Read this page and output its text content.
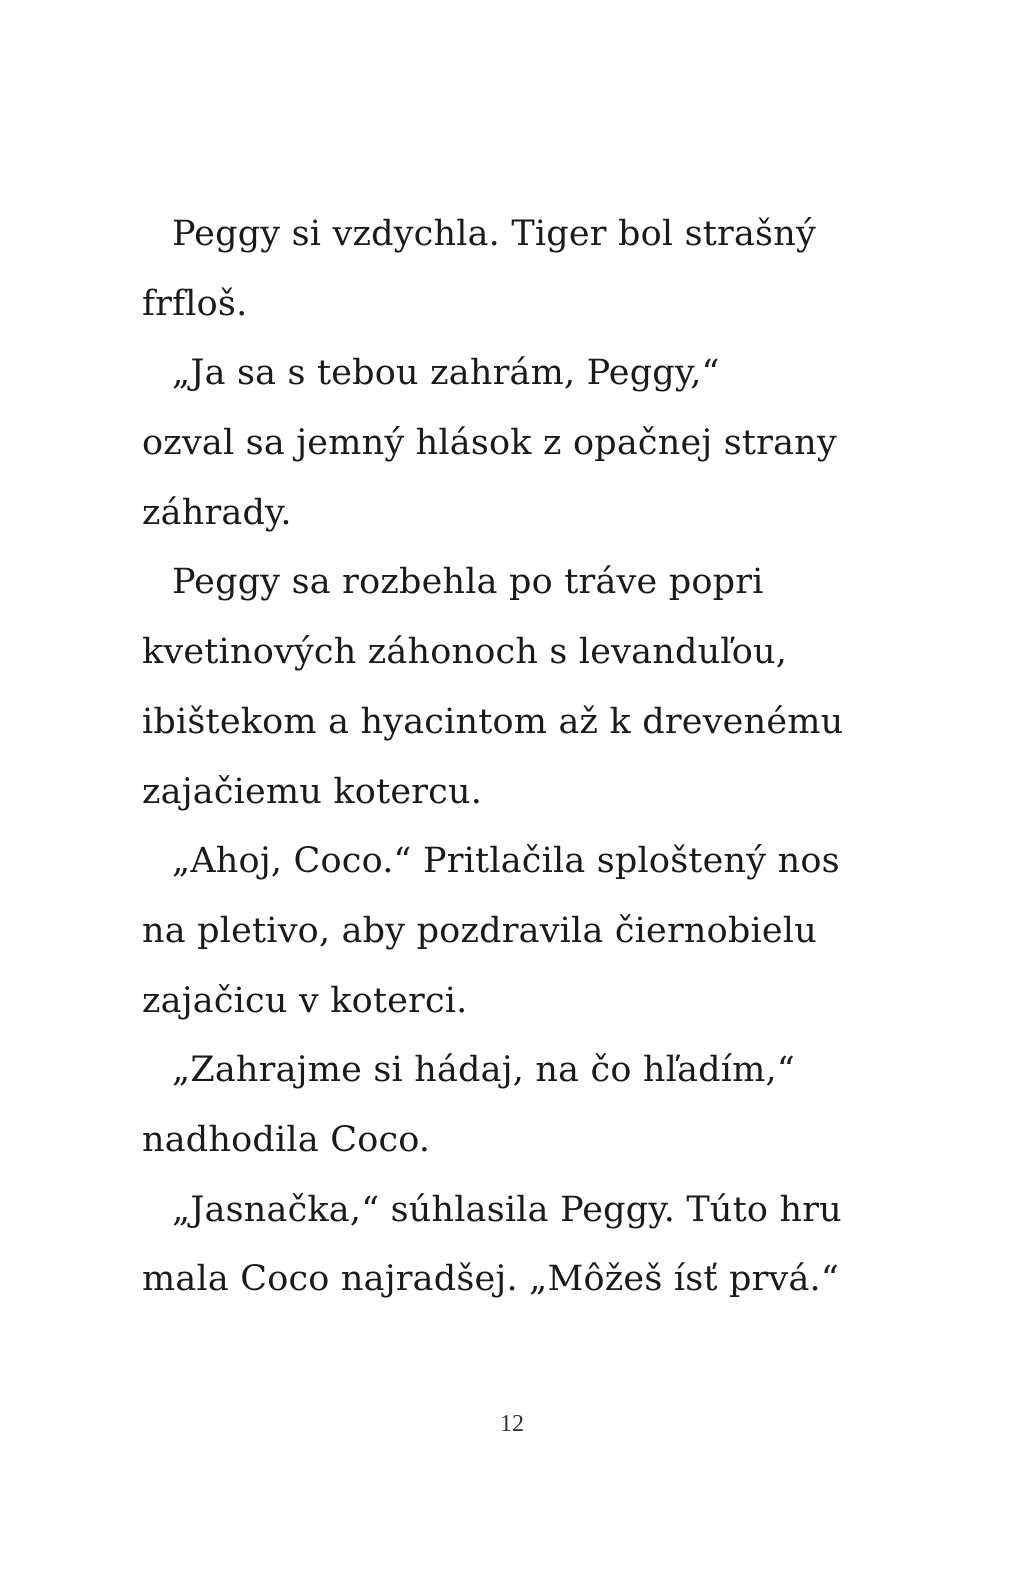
Peggy si vzdychla. Tiger bol strašný
frfloš.
„Ja sa s tebou zahrám, Peggy,“
ozval sa jemný hlások z opačnej strany
záhrady.
Peggy sa rozbehla po tráve popri
kvetinových záhonoch s levanduľou,
ibištekom a hyacintom až k drevenému
zajačiemu kotercu.
„Ahoj, Coco.“ Pritlačila sploštený nos
na pletivo, aby pozdravila čiernobielu
zajačicu v koterci.
„Zahrajme si hádaj, na čo hľadím,“
nadhodila Coco.
„Jasnačka,“ súhlasila Peggy. Túto hru
mala Coco najradšej. „Môžeš ísť prvá.“
12
